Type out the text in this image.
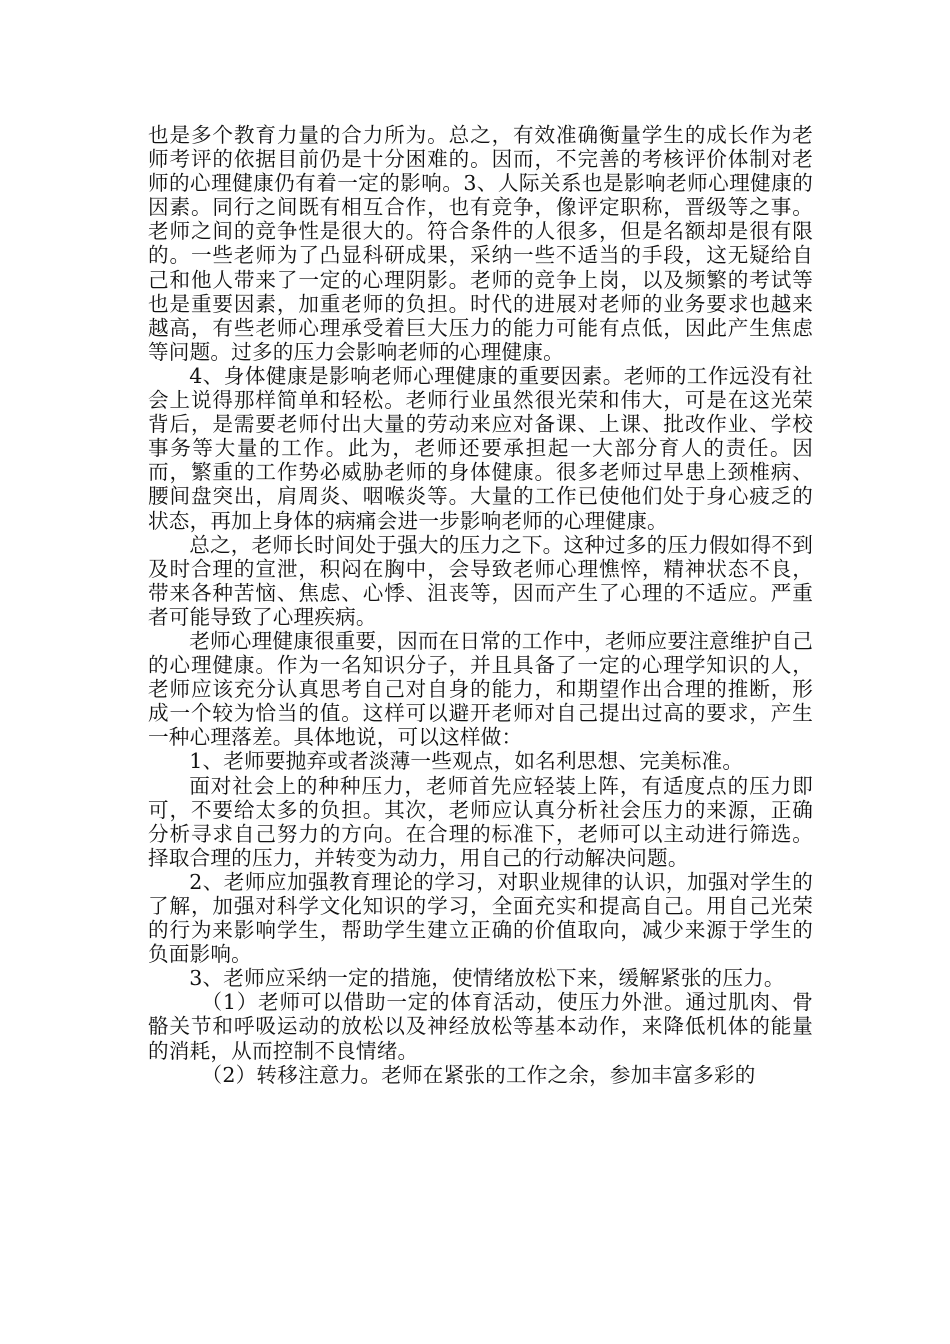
也是多个教育力量的合力所为。总之，有效准确衡量学生的成长作为老师考评的依据目前仍是十分困难的。因而，不完善的考核评价体制对老师的心理健康仍有着一定的影响。3、人际关系也是影响老师心理健康的因素。同行之间既有相互合作，也有竞争，像评定职称，晋级等之事。老师之间的竞争性是很大的。符合条件的人很多，但是名额却是很有限的。一些老师为了凸显科研成果，采纳一些不适当的手段，这无疑给自己和他人带来了一定的心理阴影。老师的竞争上岗，以及频繁的考试等也是重要因素，加重老师的负担。时代的进展对老师的业务要求也越来越高，有些老师心理承受着巨大压力的能力可能有点低，因此产生焦虑等问题。过多的压力会影响老师的心理健康。

4、身体健康是影响老师心理健康的重要因素。老师的工作远没有社会上说得那样简单和轻松。老师行业虽然很光荣和伟大，可是在这光荣背后，是需要老师付出大量的劳动来应对备课、上课、批改作业、学校事务等大量的工作。此为，老师还要承担起一大部分育人的责任。因而，繁重的工作势必威胁老师的身体健康。很多老师过早患上颈椎病、腰间盘突出，肩周炎、咽喉炎等。大量的工作已使他们处于身心疲乏的状态，再加上身体的病痛会进一步影响老师的心理健康。

总之，老师长时间处于强大的压力之下。这种过多的压力假如得不到及时合理的宣泄，积闷在胸中，会导致老师心理憔悴，精神状态不良，带来各种苦恼、焦虑、心悸、沮丧等，因而产生了心理的不适应。严重者可能导致了心理疾病。

老师心理健康很重要，因而在日常的工作中，老师应要注意维护自己的心理健康。作为一名知识分子，并且具备了一定的心理学知识的人，老师应该充分认真思考自己对自身的能力，和期望作出合理的推断，形成一个较为恰当的值。这样可以避开老师对自己提出过高的要求，产生一种心理落差。具体地说，可以这样做：

1、老师要抛弃或者淡薄一些观点，如名利思想、完美标准。

面对社会上的种种压力，老师首先应轻装上阵，有适度点的压力即可，不要给太多的负担。其次，老师应认真分析社会压力的来源，正确分析寻求自己努力的方向。在合理的标准下，老师可以主动进行筛选。择取合理的压力，并转变为动力，用自己的行动解决问题。

2、老师应加强教育理论的学习，对职业规律的认识，加强对学生的了解，加强对科学文化知识的学习，全面充实和提高自己。用自己光荣的行为来影响学生，帮助学生建立正确的价值取向，减少来源于学生的负面影响。

3、老师应采纳一定的措施，使情绪放松下来，缓解紧张的压力。

（1）老师可以借助一定的体育活动，使压力外泄。通过肌肉、骨骼关节和呼吸运动的放松以及神经放松等基本动作，来降低机体的能量的消耗，从而控制不良情绪。

（2）转移注意力。老师在紧张的工作之余，参加丰富多彩的
